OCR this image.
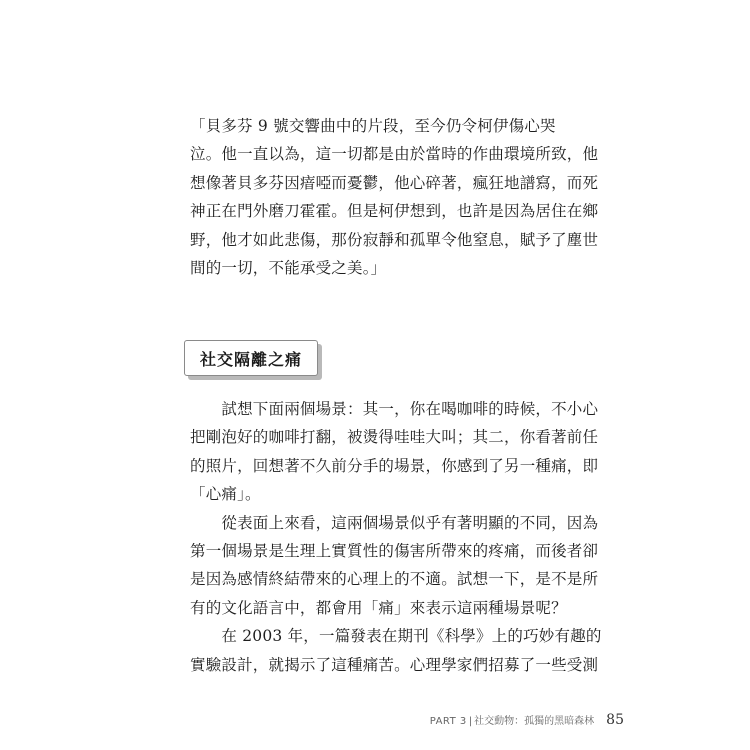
「貝多芬 9 號交響曲中的片段，至今仍令柯伊傷心哭
泣。他一直以為，這一切都是由於當時的作曲環境所致，他
想像著貝多芬因瘖啞而憂鬱，他心碎著，瘋狂地譜寫，而死
神正在門外磨刀霍霍。但是柯伊想到，也許是因為居住在鄉
野，他才如此悲傷，那份寂靜和孤單令他窒息，賦予了塵世
間的一切，不能承受之美。」
社交隔離之痛
　　試想下面兩個場景：其一，你在喝咖啡的時候，不小心
把剛泡好的咖啡打翻，被燙得哇哇大叫；其二，你看著前任
的照片，回想著不久前分手的場景，你感到了另一種痛，即
「心痛」。
　　從表面上來看，這兩個場景似乎有著明顯的不同，因為
第一個場景是生理上實質性的傷害所帶來的疼痛，而後者卻
是因為感情終結帶來的心理上的不適。試想一下，是不是所
有的文化語言中，都會用「痛」來表示這兩種場景呢？
　　在 2003 年，一篇發表在期刊《科學》上的巧妙有趣的
實驗設計，就揭示了這種痛苦。心理學家們招募了一些受測
PART 3 | 社交動物：孤獨的黑暗森林 85
